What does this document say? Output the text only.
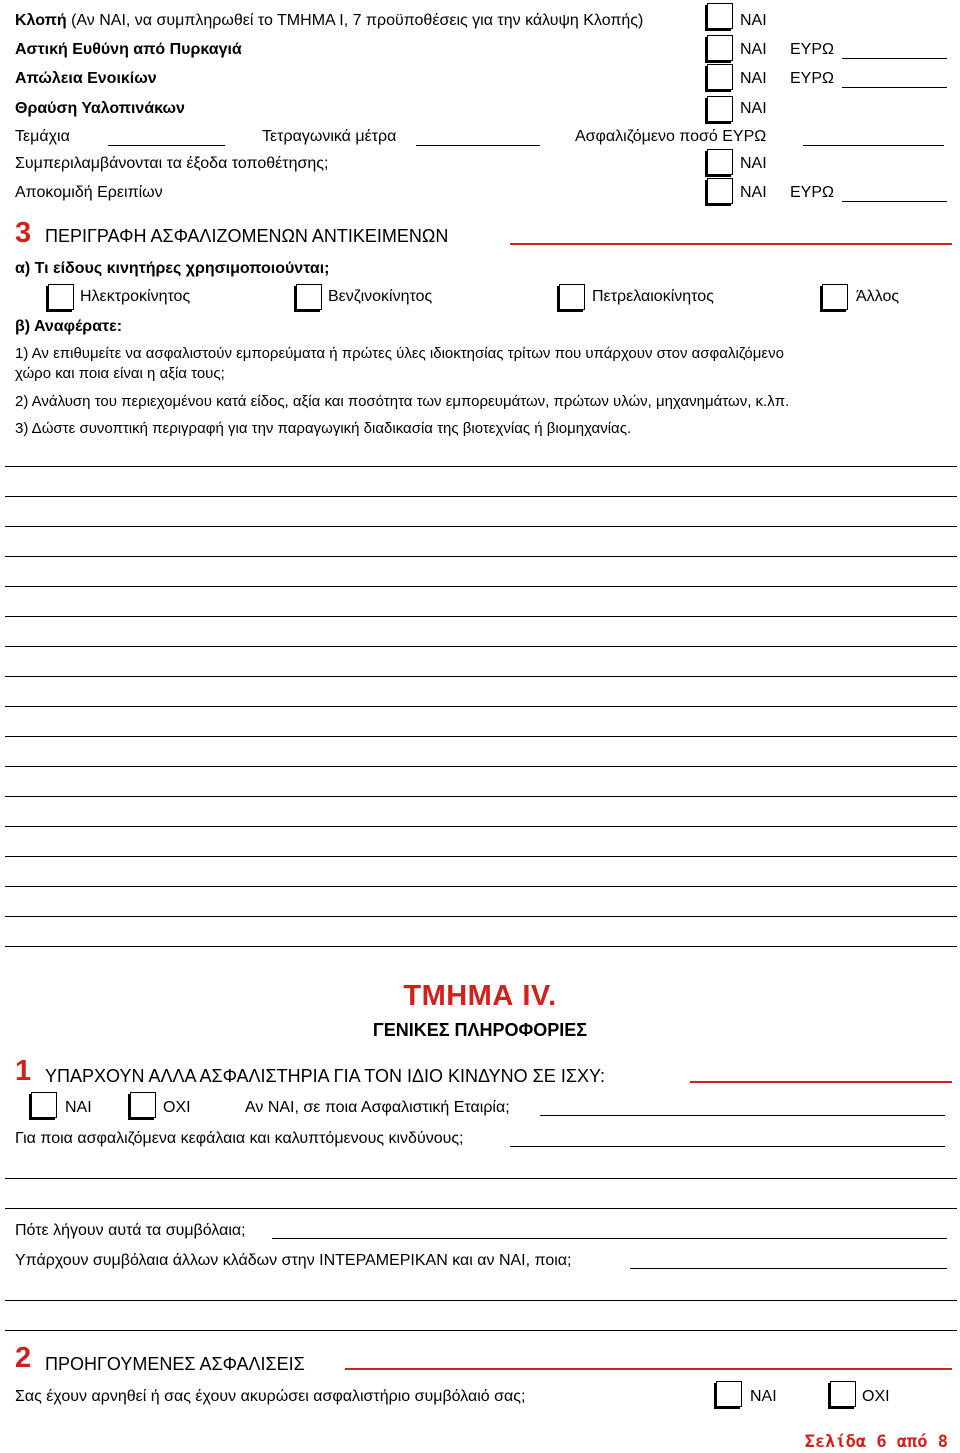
Κλοπή (Αν ΝΑΙ, να συμπληρωθεί το ΤΜΗΜΑ Ι, 7 προϋποθέσεις για την κάλυψη Κλοπής)	ΝΑΙ
Αστική Ευθύνη από Πυρκαγιά	ΝΑΙ ΕΥΡΩ
Απώλεια Ενοικίων	ΝΑΙ ΕΥΡΩ
Θραύση Υαλοπινάκων	ΝΑΙ
Τεμάχια	Τετραγωνικά μέτρα	Ασφαλιζόμενο ποσό ΕΥΡΩ
Συμπεριλαμβάνονται τα έξοδα τοποθέτησης;	ΝΑΙ
Αποκομιδή Ερειπίων	ΝΑΙ ΕΥΡΩ
3 ΠΕΡΙΓΡΑΦΗ ΑΣΦΑΛΙΖΟΜΕΝΩΝ ΑΝΤΙΚΕΙΜΕΝΩΝ
α) Τι είδους κινητήρες χρησιμοποιούνται;
Ηλεκτροκίνητος	Βενζινοκίνητος	Πετρελαιοκίνητος	Άλλος
β) Αναφέρατε:
1) Αν επιθυμείτε να ασφαλιστούν εμπορεύματα ή πρώτες ύλες ιδιοκτησίας τρίτων που υπάρχουν στον ασφαλιζόμενο
χώρο και ποια είναι η αξία τους;
2) Ανάλυση του περιεχομένου κατά είδος, αξία και ποσότητα των εμπορευμάτων, πρώτων υλών, μηχανημάτων, κ.λπ.
3) Δώστε συνοπτική περιγραφή για την παραγωγική διαδικασία της βιοτεχνίας ή βιομηχανίας.
ΤΜΗΜΑ IV.
ΓΕΝΙΚΕΣ ΠΛΗΡΟΦΟΡΙΕΣ
1 ΥΠΑΡΧΟΥΝ ΑΛΛΑ ΑΣΦΑΛΙΣΤΗΡΙΑ ΓΙΑ ΤΟΝ ΙΔΙΟ ΚΙΝΔΥΝΟ ΣΕ ΙΣΧΥ:
ΝΑΙ	ΟΧΙ	Αν ΝΑΙ, σε ποια Ασφαλιστική Εταιρία;
Για ποια ασφαλιζόμενα κεφάλαια και καλυπτόμενους κινδύνους;
Πότε λήγουν αυτά τα συμβόλαια;
Υπάρχουν συμβόλαια άλλων κλάδων στην ΙΝΤΕΡΑΜΕΡΙΚΑΝ και αν ΝΑΙ, ποια;
2 ΠΡΟΗΓΟΥΜΕΝΕΣ ΑΣΦΑΛΙΣΕΙΣ
Σας έχουν αρνηθεί ή σας έχουν ακυρώσει ασφαλιστήριο συμβόλαιό σας;	ΝΑΙ	ΟΧΙ
Σελίδα 6 από 8
